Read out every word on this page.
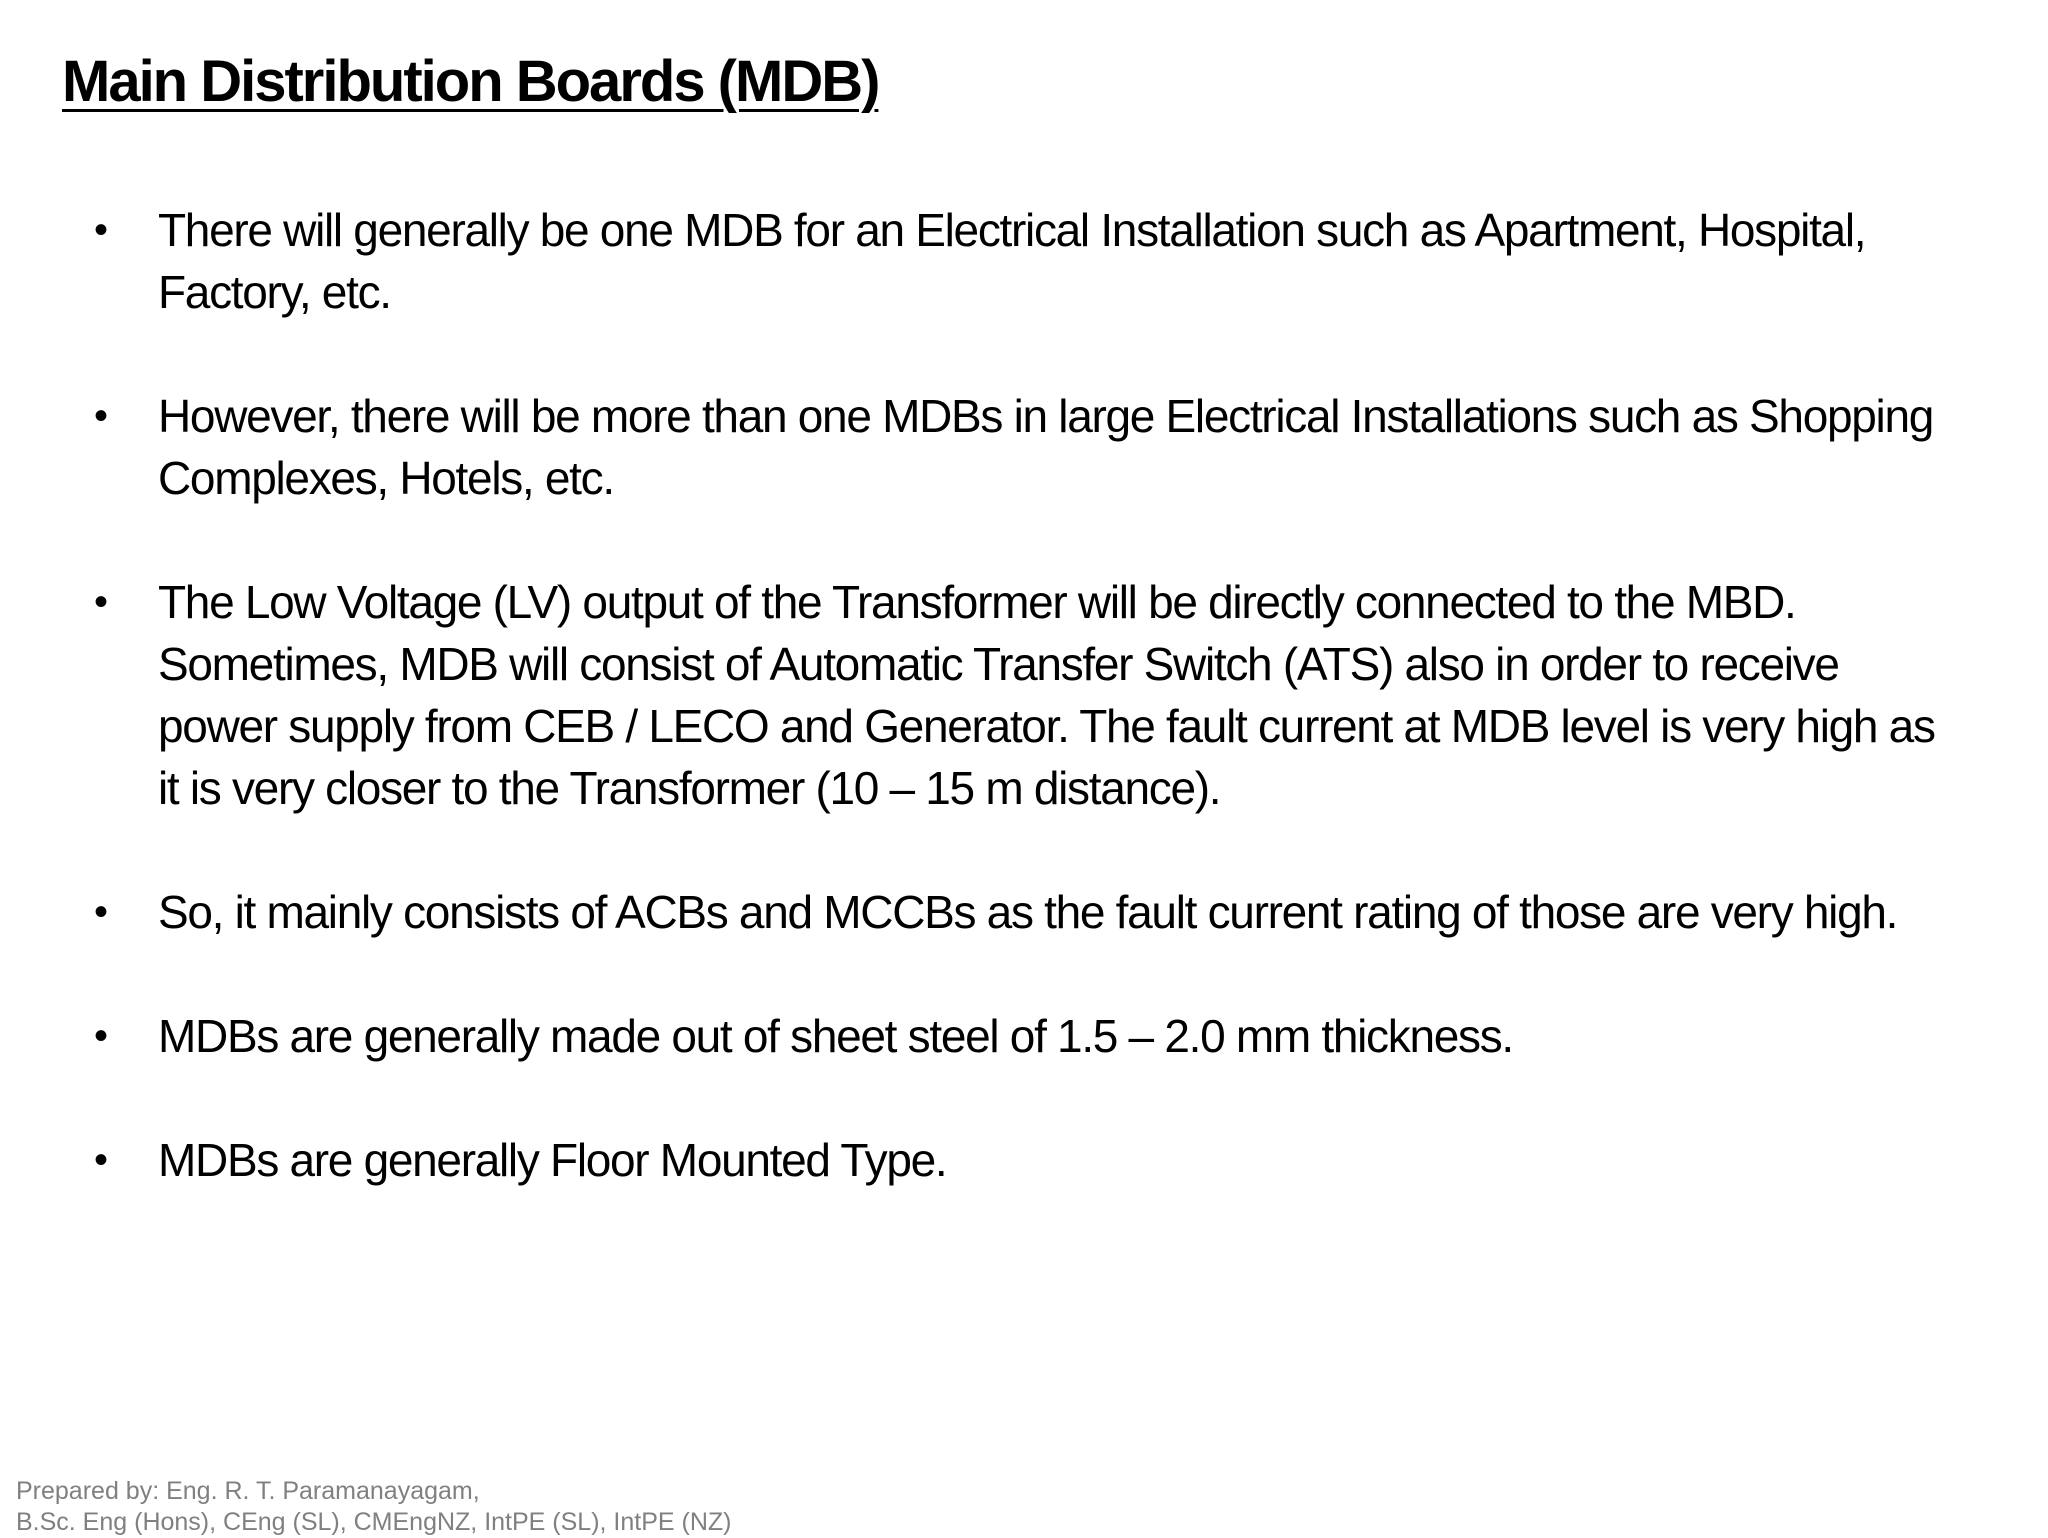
Main Distribution Boards (MDB)
•	There will generally be one MDB for an Electrical Installation such as Apartment, Hospital, Factory, etc.
•	However, there will be more than one MDBs in large Electrical Installations such as Shopping Complexes, Hotels, etc.
•	The Low Voltage (LV) output of the Transformer will be directly connected to the MBD. Sometimes, MDB will consist of Automatic Transfer Switch (ATS) also in order to receive power supply from CEB / LECO and Generator. The fault current at MDB level is very high as it is very closer to the Transformer (10 – 15 m distance).
•	So, it mainly consists of ACBs and MCCBs as the fault current rating of those are very high.
•	MDBs are generally made out of sheet steel of 1.5 – 2.0 mm thickness.
•	MDBs are generally Floor Mounted Type.
Prepared by: Eng. R. T. Paramanayagam,
B.Sc. Eng (Hons), CEng (SL), CMEngNZ, IntPE (SL), IntPE (NZ)
